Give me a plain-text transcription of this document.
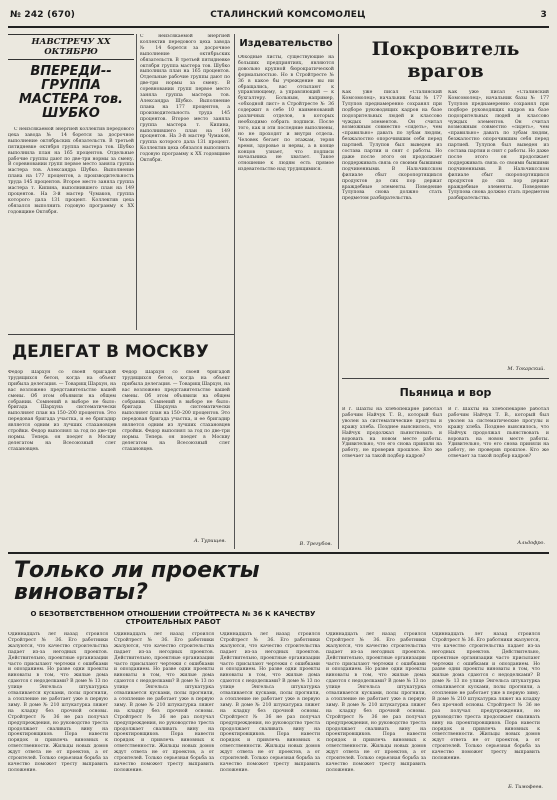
№ 242 (670)	СТАЛИНСКИЙ КОМСОМОЛЕЦ	3
НАВСТРЕЧУ XX ОКТЯБРЮ
ВПЕРЕДИ--ГРУППА МАСТЕРА тов. ШУБКО
С неизсякаемой энергией коллектив передового цеха завода № 14 борется за досрочное выполнение октябрьских обязательств. В третьей пятидневке октября группа мастера тов. Шубко выполнила план на 165 процентов. Отдельные рабочие группы дают по две-три нормы за смену. В соревновании групп первое место заняла группа мастера тов. Александра Шубко. Выполнение плана на 177 процентов, а производительность труда 145 процентов. Второе место заняла группа мастера т. Кипина, выполнившего план на 149 процентов. На 3-й мастер Чумаков, группа которого дала 131 процент. Коллектив цеха обязался выполнить годовую программу к XX годовщине Октября.
С неизсякаемой энергией коллектив передового цеха завода № 14 борется за досрочное выполнение октябрьских обязательств. В третьей пятидневке октября группа мастера тов. Шубко выполнила план на 165 процентов. Отдельные рабочие группы дают по две-три нормы за смену. В соревновании групп первое место заняла группа мастера тов. Александра Шубко. Выполнение плана на 177 процентов, а производительность труда 145 процентов. Второе место заняла группа мастера т. Кипина, выполнившего план на 149 процентов. На 3-й мастер Чумаков, группа которого дала 131 процент. Коллектив цеха обязался выполнить годовую программу к XX годовщине Октября.
Издевательство
Обходные листы, существующие на больших предприятиях, являются довольно крупной бюрократической формальностью. Но в Стройтресте № 36 в какое бы учреждение вы ни обращались, вас отсылают к управляющему, а управляющий — к бухгалтеру. Больным, например, «обходной лист» в Стройтресте № 36 содержит в себе 10 наименований различных отделов, в которых необходимо собрать подписи. После того, как и эти последние выполнены, но не проходят и внутри отдела. Человек бегает по этажам, теряя время, здоровье и нервы, а в конце концов узнает, что подписи начальника не хватает. Такое отношение к людям есть прямое издевательство над трудящимися.
В. Трегубов.
Покровитель врагов
Как уже писал «Сталинский Комсомолец», начальник базы № 177 Тулупов преднамеренно сохранял при подборе руководящих кадров на базе подозрительных людей и классово чуждых элементов. Он считал возможным совместно «сидеть», чем «правильно» давать по зубам людям, безжалостно опорочившим себя перед партией. Тулупов был выведен из состава партии и снят с работы. Но даже после этого он продолжает поддерживать связь со своими бывшими подчиненными. В Нальчиксском филиале сбыт скоропортящихся продуктов до сих пор держат враждебные элементы. Поведение Тулупова снова должно стать предметом разбирательства.
Как уже писал «Сталинский Комсомолец», начальник базы № 177 Тулупов преднамеренно сохранял при подборе руководящих кадров на базе подозрительных людей и классово чуждых элементов. Он считал возможным совместно «сидеть», чем «правильно» давать по зубам людям, безжалостно опорочившим себя перед партией. Тулупов был выведен из состава партии и снят с работы. Но даже после этого он продолжает поддерживать связь со своими бывшими подчиненными. В Нальчиксском филиале сбыт скоропортящихся продуктов до сих пор держат враждебные элементы. Поведение Тулупова снова должно стать предметом разбирательства.
М. Токарский.
ДЕЛЕГАТ В МОСКВУ
Федор Шархун со своей бригадой трудящихся бетон, когда на объект прибыла делегация. — Товарищ Шархун, на вас возложено представительство вашей смены. Об этом объявили на общем собрании. Сомнений в выборе не было: бригада Шархуна систематически выполняет план на 150–200 процентов. Это передовая бригада участка, и ее бригадир является одним из лучших стахановцев стройки. Федор выполнял за год по две-три нормы. Теперь он поедет в Москву делегатом на Всесоюзный слет стахановцев.
Федор Шархун со своей бригадой трудящихся бетон, когда на объект прибыла делегация. — Товарищ Шархун, на вас возложено представительство вашей смены. Об этом объявили на общем собрании. Сомнений в выборе не было: бригада Шархуна систематически выполняет план на 150–200 процентов. Это передовая бригада участка, и ее бригадир является одним из лучших стахановцев стройки. Федор выполнял за год по две-три нормы. Теперь он поедет в Москву делегатом на Всесоюзный слет стахановцев.
А. Турищев.
Пьяница и вор
В г. Шахты на хлебопекарне работал рабочим Найчук Т. В., который был уволен за систематические прогулы и кражу хлеба. Позднее выяснилось, что Найчук продолжал пьянствовать и воровать на новом месте работы. Удивительно, что его снова приняли на работу, не проверив прошлое. Кто же отвечает за такой подбор кадров?
В г. Шахты на хлебопекарне работал рабочим Найчук Т. В., который был уволен за систематические прогулы и кражу хлеба. Позднее выяснилось, что Найчук продолжал пьянствовать и воровать на новом месте работы. Удивительно, что его снова приняли на работу, не проверив прошлое. Кто же отвечает за такой подбор кадров?
Альдофро.
Только ли проекты виноваты?
О БЕЗОТВЕТСТВЕННОМ ОТНОШЕНИИ СТРОЙТРЕСТА № 36 К КАЧЕСТВУ СТРОИТЕЛЬНЫХ РАБОТ
Одиннадцать лет назад строился Стройтрест № 36. Его работники жалуются, что качество строительства падает из-за негодных проектов. Действительно, проектные организации часто присылают чертежи с ошибками и опозданием. Но разве одни проекты виноваты в том, что жилые дома сдаются с недоделками? В доме № 13 по улице Энгельса штукатурка отваливается кусками, полы прогнили, а отопление не работает уже в первую зиму. В доме № 210 штукатурка ляжет на кладку без прочной основы. Стройтрест № 36 не раз получал предупреждения, но руководство треста продолжает сваливать вину на проектировщиков. Пора навести порядок и привлечь виновных к ответственности. Жильцы новых домов ждут ответа не от проектов, а от строителей. Только серьезная борьба за качество поможет тресту выправить положение.
Одиннадцать лет назад строился Стройтрест № 36. Его работники жалуются, что качество строительства падает из-за негодных проектов. Действительно, проектные организации часто присылают чертежи с ошибками и опозданием. Но разве одни проекты виноваты в том, что жилые дома сдаются с недоделками? В доме № 13 по улице Энгельса штукатурка отваливается кусками, полы прогнили, а отопление не работает уже в первую зиму. В доме № 210 штукатурка ляжет на кладку без прочной основы. Стройтрест № 36 не раз получал предупреждения, но руководство треста продолжает сваливать вину на проектировщиков. Пора навести порядок и привлечь виновных к ответственности. Жильцы новых домов ждут ответа не от проектов, а от строителей. Только серьезная борьба за качество поможет тресту выправить положение.
Одиннадцать лет назад строился Стройтрест № 36. Его работники жалуются, что качество строительства падает из-за негодных проектов. Действительно, проектные организации часто присылают чертежи с ошибками и опозданием. Но разве одни проекты виноваты в том, что жилые дома сдаются с недоделками? В доме № 13 по улице Энгельса штукатурка отваливается кусками, полы прогнили, а отопление не работает уже в первую зиму. В доме № 210 штукатурка ляжет на кладку без прочной основы. Стройтрест № 36 не раз получал предупреждения, но руководство треста продолжает сваливать вину на проектировщиков. Пора навести порядок и привлечь виновных к ответственности. Жильцы новых домов ждут ответа не от проектов, а от строителей. Только серьезная борьба за качество поможет тресту выправить положение.
Одиннадцать лет назад строился Стройтрест № 36. Его работники жалуются, что качество строительства падает из-за негодных проектов. Действительно, проектные организации часто присылают чертежи с ошибками и опозданием. Но разве одни проекты виноваты в том, что жилые дома сдаются с недоделками? В доме № 13 по улице Энгельса штукатурка отваливается кусками, полы прогнили, а отопление не работает уже в первую зиму. В доме № 210 штукатурка ляжет на кладку без прочной основы. Стройтрест № 36 не раз получал предупреждения, но руководство треста продолжает сваливать вину на проектировщиков. Пора навести порядок и привлечь виновных к ответственности. Жильцы новых домов ждут ответа не от проектов, а от строителей. Только серьезная борьба за качество поможет тресту выправить положение.
Одиннадцать лет назад строился Стройтрест № 36. Его работники жалуются, что качество строительства падает из-за негодных проектов. Действительно, проектные организации часто присылают чертежи с ошибками и опозданием. Но разве одни проекты виноваты в том, что жилые дома сдаются с недоделками? В доме № 13 по улице Энгельса штукатурка отваливается кусками, полы прогнили, а отопление не работает уже в первую зиму. В доме № 210 штукатурка ляжет на кладку без прочной основы. Стройтрест № 36 не раз получал предупреждения, но руководство треста продолжает сваливать вину на проектировщиков. Пора навести порядок и привлечь виновных к ответственности. Жильцы новых домов ждут ответа не от проектов, а от строителей. Только серьезная борьба за качество поможет тресту выправить положение.
Б. Тимофеев.
